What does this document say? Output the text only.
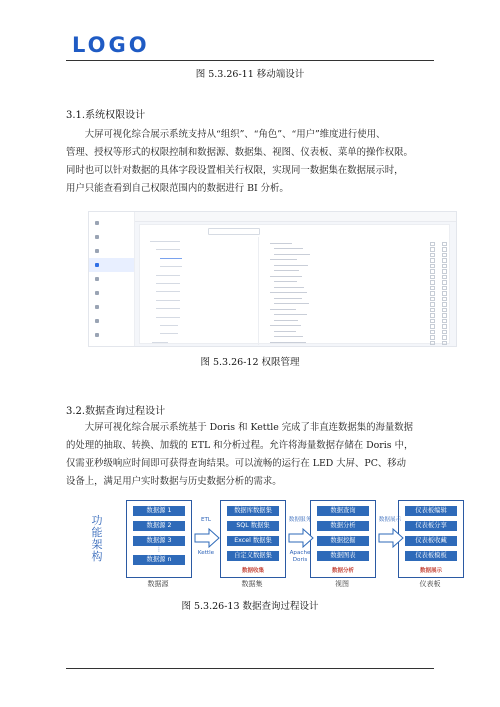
LOGO
图 5.3.26-11 移动端设计
3.1.系统权限设计

大屏可视化综合展示系统支持从“组织”、“角色”、“用户”维度进行使用、

管理、授权等形式的权限控制和数据源、数据集、视图、仪表板、菜单的操作权限。
同时也可以针对数据的具体字段设置相关行权限，实现同一数据集在数据展示时，
用户只能查看到自己权限范围内的数据进行 BI 分析。
图 5.3.26-12 权限管理
3.2.数据查询过程设计

大屏可视化综合展示系统基于 Doris 和 Kettle 完成了非直连数据集的海量数据

的处理的抽取、转换、加载的 ETL 和分析过程。允许将海量数据存储在 Doris 中，
仅需亚秒级响应时间即可获得查询结果。可以流畅的运行在 LED 大屏、PC、移动
设备上，满足用户实时数据与历史数据分析的需求。
功能架构
数据源 1
数据源 2
数据源 3
数据源 n
⋮
数据源
数据库数据集
SQL 数据集
Excel 数据集
自定义数据集
数据收集
数据集
数据查询
数据分析
数据挖掘
数据图表
数据分析
视图
仪表板编辑
仪表板分享
仪表板收藏
仪表板模板
数据展示
仪表板
ETL
Kettle
数据服务
Apache Doris
数据展示
图 5.3.26-13 数据查询过程设计
